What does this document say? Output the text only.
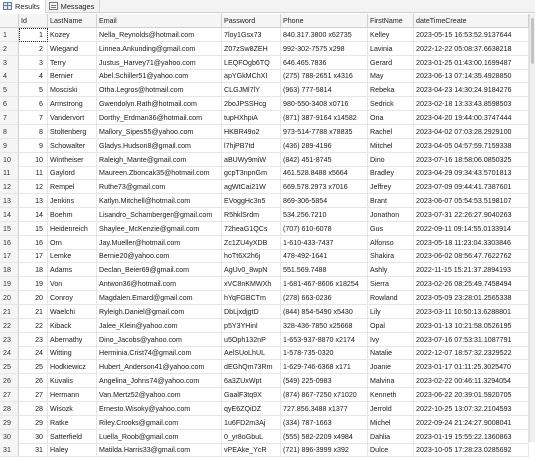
Results	Messages
Id	LastName	Email	Password	Phone	FirstName	dateTimeCreate
1	1 Kozey	Nella_Reynolds@hotmail.com	7loy1Gsx73	840.317.3800 x62735	Kelley	2023-05-15 16:53:52.9137644
2	2 Wiegand	Linnea.Ankunding@gmail.com	Z07zSw8ZEH	992-302-7575 x298	Lavinia	2022-12-22 05:08:37.6638218
3	3 Terry	Justus_Harvey71@yahoo.com	LEQFOgb6TQ	646.465.7836	Gerard	2023-01-25 01:43:00.1699487
4	4 Bernier	Abel.Schiller51@yahoo.com	apYGkMChXI	(275) 788-2651 x4316	May	2023-06-13 07:14:35.4928850
5	5 Mosciski	Otha.Legros@hotmail.com	CLGJMl7lY	(963) 777-5814	Rebeka	2023-04-23 14:30:24.9184276
6	6 Armstrong	Gwendolyn.Rath@hotmail.com	2boJPSSHcg	980-550-3408 x0716	Sedrick	2023-02-18 13:33:43.8598503
7	7 Vandervort	Dorthy_Erdman36@hotmail.com	tupHXhpiA	(871) 387-9164 x14582	Ona	2023-04-20 19:44:00.3747444
8	8 Stoltenberg	Mallory_Sipes55@yahoo.com	HKBR49o2	973-514-7788 x78835	Rachel	2023-04-02 07:03:28.2929100
9	9 Schowalter	Gladys.Hudson8@gmail.com	l7hjPB7td	(436) 289-4196	Mitchel	2023-04-05 04:57:59.7159338
10	10 Wintheiser	Raleigh_Mante@gmail.com	aBUWy9miW	(842) 451-8745	Dino	2023-07-16 18:58:06.0850325
11	11 Gaylord	Maureen.Zboncak35@hotmail.com	gcpT3npnGm	461.528.8488 x5664	Bradley	2023-04-29 09:34:43.5701813
12	12 Rempel	Ruthe73@gmail.com	agWtCai21W	669.578.2973 x7016	Jeffrey	2023-07-09 09:44:41.7387601
13	13 Jenkins	Katlyn.Mitchell@hotmail.com	EVoggHc3n5	869-306-5854	Brant	2023-06-07 05:54:53.5198107
14	14 Boehm	Lisandro_Schamberger@gmail.com	R5hklSrdm	534.256.7210	Jonathon	2023-07-31 22:26:27.9040263
15	15 Heidenreich	Shaylee_McKenzie@gmail.com	72heaG1QCs	(707) 610-6078	Gus	2022-09-11 09:14:55.0133914
16	16 Orn	Jay.Mueller@hotmail.com	Zc1ZU4yXDB	1-610-433-7437	Alfonso	2023-05-18 11:23:04.3303846
17	17 Lemke	Bernie20@yahoo.com	hoTt6X2h6j	478-492-1641	Shakira	2023-06-02 08:56:47.7622762
18	18 Adams	Declan_Beier69@gmail.com	AgUv0_8wpN	551.569.7488	Ashly	2022-11-15 15:21:37.2894193
19	19 Von	Antwon36@hotmail.com	xVC8nKMWXh	1-681-467-8606 x18254	Sierra	2023-02-26 08:25:49.7458494
20	20 Conroy	Magdalen.Emard@gmail.com	hYqFGBCTm	(278) 663-0236	Rowland	2023-05-09 23:28:01.2565338
21	21 Waelchi	Ryleigh.Daniel@gmail.com	DbLjxdjgtD	(844) 854-5490 x5430	Lily	2023-03-11 10:50:13.6288801
22	22 Kiback	Jalee_Klein@yahoo.com	p5Y3YHinl	328-436-7850 x25668	Opal	2023-01-13 10:21:58.0526195
23	23 Abernathy	Dino_Jacobs@yahoo.com	u5Oph132nP	1-653-937-8870 x2174	Ivy	2023-07-16 07:53:31.1087791
24	24 Witting	Herminia.Crist74@gmail.com	AelSUoLhUL	1-578-735-0320	Natalie	2022-12-07 18:57:32.2329522
25	25 Hodkiewicz	Hubert_Anderson41@yahoo.com	dEGhQm73Rm	1-629-746-6368 x171	Joanie	2023-01-17 01:11:25.3025470
26	26 Kuvalis	Angelina_Johns74@yahoo.com	6a3ZUxWpt	(549) 225-0983	Malvina	2023-02-22 00:46:11.3294054
27	27 Hermann	Van.Mertz52@yahoo.com	GaalF3tq9X	(874) 867-7250 x71020	Kenneth	2023-06-22 20:39:01.5920705
28	28 Wisozk	Ernesto.Wisoky@yahoo.com	qyE6ZQiDZ	727.856.3488 x1377	Jerrold	2022-10-25 13:07:32.2104593
29	29 Ratke	Riley.Crooks@gmail.com	1u6FD2m3Aj	(334) 787-1663	Michel	2022-09-24 21:24:27.9008041
30	30 Satterfield	Luella_Roob@gmail.com	0_yr8oGbuL	(555) 582-2209 x4984	Dahlia	2023-01-19 15:55:22.1360863
31	31 Haley	Matilda.Harris33@gmail.com	vPEAke_YcR	(721) 896-3999 x392	Dulce	2023-10-05 17:28:23.0285692
